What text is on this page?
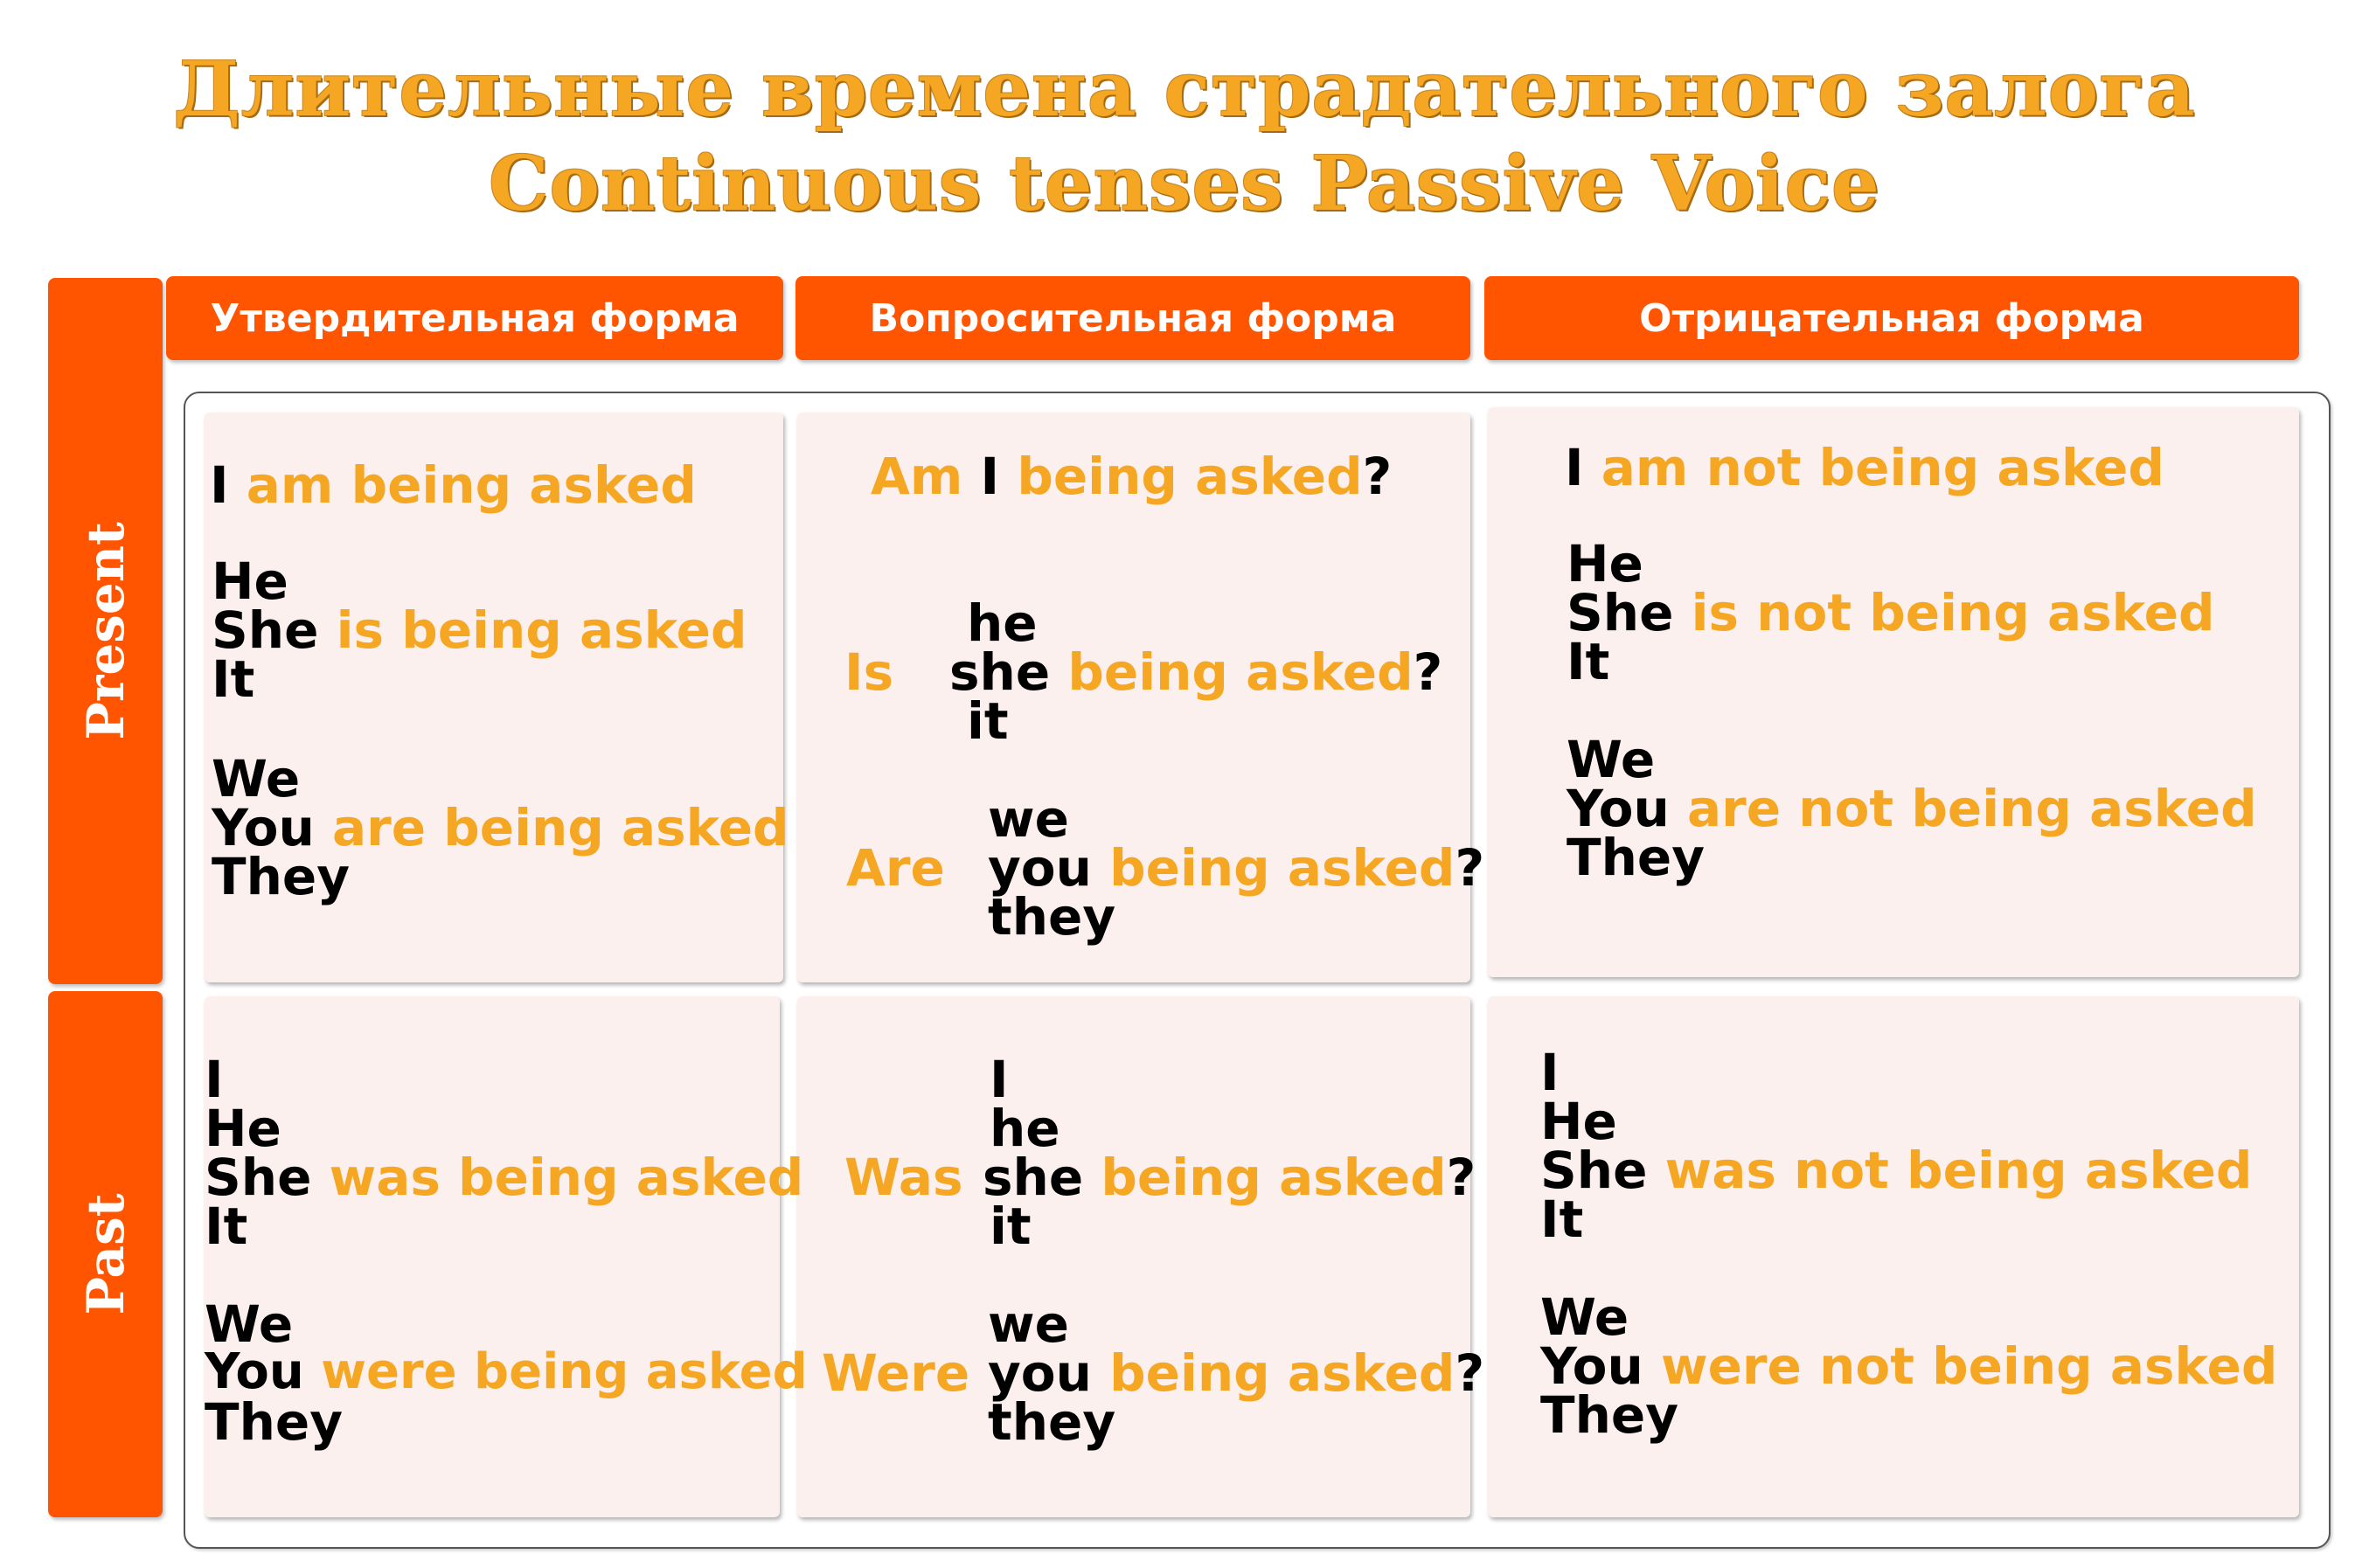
Длительные времена страдательного залога
Continuous tenses Passive Voice
Present
Past
Утвердительная форма	Вопросительная форма	Отрицательная форма
I am being asked
He
She is being asked
It
We
You are being asked
They
Am I being asked?
he
Is she being asked?
it
we
Are you being asked?
they
I am not being asked
He
She is not being asked
It
We
You are not being asked
They
I
He
She was being asked
It
We
You were being asked
They
I
he
Was she being asked?
it
we
Were you being asked?
they
I
He
She was not being asked
It
We
You were not being asked
They
